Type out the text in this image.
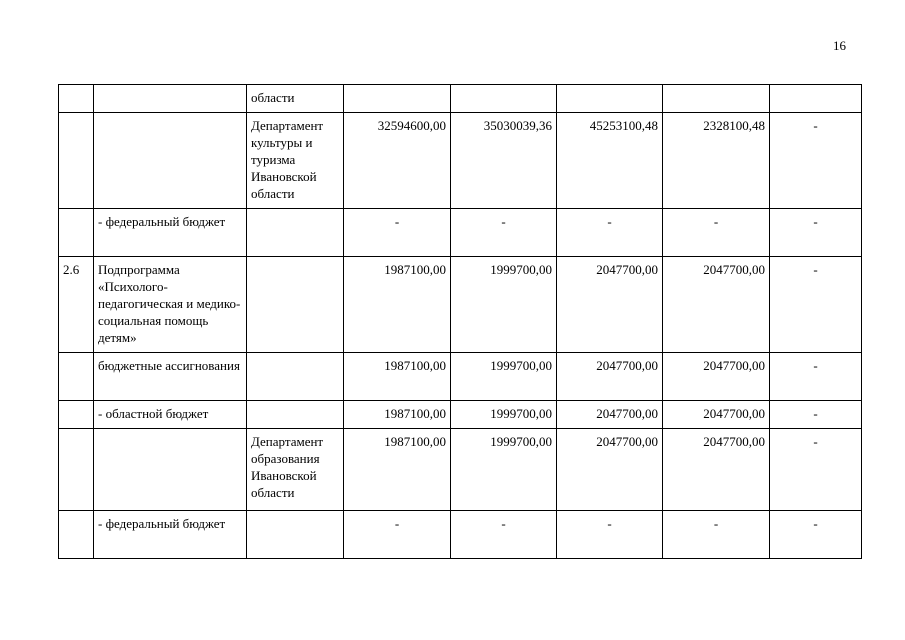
16
		области					
		Департамент культуры и туризма Ивановской области	32594600,00	35030039,36	45253100,48	2328100,48	-
	- федеральный бюджет		-	-	-	-	-
2.6	Подпрограмма «Психолого-педагогическая и медико-социальная помощь детям»		1987100,00	1999700,00	2047700,00	2047700,00	-
	бюджетные ассигнования		1987100,00	1999700,00	2047700,00	2047700,00	-
	- областной бюджет		1987100,00	1999700,00	2047700,00	2047700,00	-
		Департамент образования Ивановской области	1987100,00	1999700,00	2047700,00	2047700,00	-
	- федеральный бюджет		-	-	-	-	-
